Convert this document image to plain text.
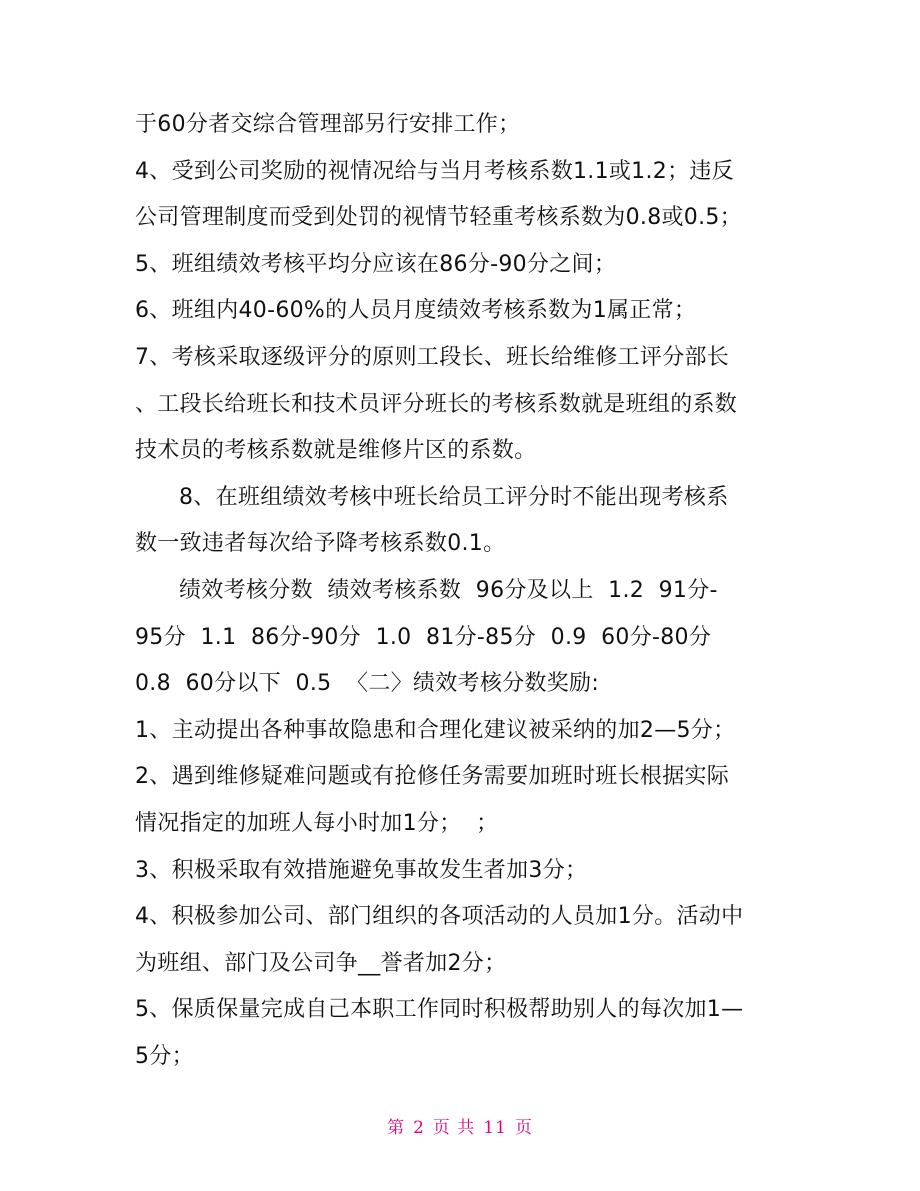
于60分者交综合管理部另行安排工作；
4、受到公司奖励的视情况给与当月考核系数1.1或1.2；违反
公司管理制度而受到处罚的视情节轻重考核系数为0.8或0.5；
5、班组绩效考核平均分应该在86分-90分之间；
6、班组内40-60%的人员月度绩效考核系数为1属正常；
7、考核采取逐级评分的原则工段长、班长给维修工评分部长
、工段长给班长和技术员评分班长的考核系数就是班组的系数
技术员的考核系数就是维修片区的系数。
8、在班组绩效考核中班长给员工评分时不能出现考核系
数一致违者每次给予降考核系数0.1。
绩效考核分数  绩效考核系数  96分及以上  1.2  91分-
95分  1.1  86分-90分  1.0  81分-85分  0.9  60分-80分
0.8  60分以下  0.5  〈二〉绩效考核分数奖励:
1、主动提出各种事故隐患和合理化建议被采纳的加2—5分；
2、遇到维修疑难问题或有抢修任务需要加班时班长根据实际
情况指定的加班人每小时加1分；  ；
3、积极采取有效措施避免事故发生者加3分；
4、积极参加公司、部门组织的各项活动的人员加1分。活动中
为班组、部门及公司争__誉者加2分；
5、保质保量完成自己本职工作同时积极帮助别人的每次加1—
5分；
第 2 页 共 11 页
